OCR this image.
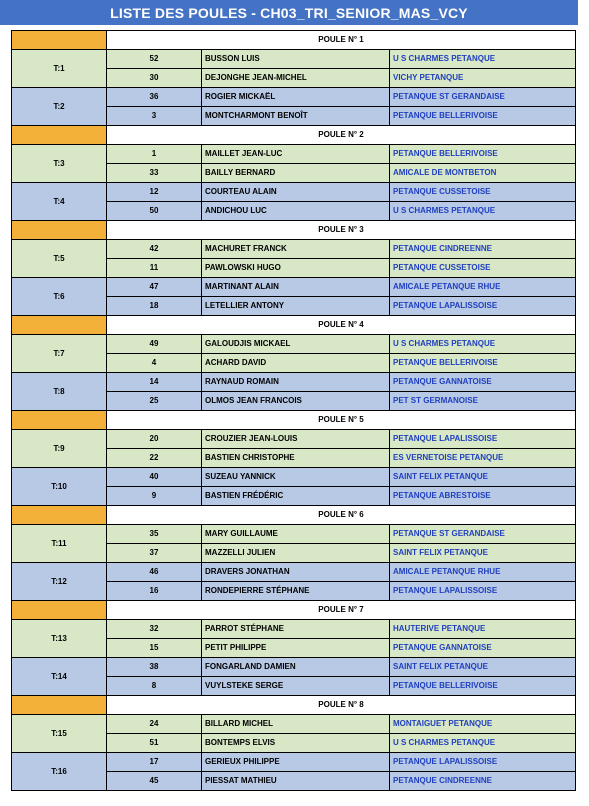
LISTE DES POULES - CH03_TRI_SENIOR_MAS_VCY
	POULE N° 1		
T:1	52	BUSSON LUIS	U S CHARMES PETANQUE
	30	DEJONGHE JEAN-MICHEL	VICHY PETANQUE
T:2	36	ROGIER MICKAËL	PETANQUE ST GERANDAISE
	3	MONTCHARMONT BENOÎT	PETANQUE BELLERIVOISE
	POULE N° 2		
T:3	1	MAILLET JEAN-LUC	PETANQUE BELLERIVOISE
	33	BAILLY BERNARD	AMICALE DE MONTBETON
T:4	12	COURTEAU ALAIN	PETANQUE CUSSETOISE
	50	ANDICHOU LUC	U S CHARMES PETANQUE
	POULE N° 3		
T:5	42	MACHURET FRANCK	PETANQUE CINDREENNE
	11	PAWLOWSKI HUGO	PETANQUE CUSSETOISE
T:6	47	MARTINANT ALAIN	AMICALE PETANQUE RHUE
	18	LETELLIER ANTONY	PETANQUE LAPALISSOISE
	POULE N° 4		
T:7	49	GALOUDJIS MICKAEL	U S CHARMES PETANQUE
	4	ACHARD DAVID	PETANQUE BELLERIVOISE
T:8	14	RAYNAUD ROMAIN	PETANQUE GANNATOISE
	25	OLMOS JEAN FRANCOIS	PET ST GERMANOISE
	POULE N° 5		
T:9	20	CROUZIER JEAN-LOUIS	PETANQUE LAPALISSOISE
	22	BASTIEN CHRISTOPHE	ES VERNETOISE PETANQUE
T:10	40	SUZEAU YANNICK	SAINT FELIX PETANQUE
	9	BASTIEN FRÉDÉRIC	PETANQUE ABRESTOISE
	POULE N° 6		
T:11	35	MARY GUILLAUME	PETANQUE ST GERANDAISE
	37	MAZZELLI JULIEN	SAINT FELIX PETANQUE
T:12	46	DRAVERS JONATHAN	AMICALE PETANQUE RHUE
	16	RONDEPIERRE STÉPHANE	PETANQUE LAPALISSOISE
	POULE N° 7		
T:13	32	PARROT STÉPHANE	HAUTERIVE PETANQUE
	15	PETIT PHILIPPE	PETANQUE GANNATOISE
T:14	38	FONGARLAND DAMIEN	SAINT FELIX PETANQUE
	8	VUYLSTEKE SERGE	PETANQUE BELLERIVOISE
	POULE N° 8		
T:15	24	BILLARD MICHEL	MONTAIGUET PETANQUE
	51	BONTEMPS ELVIS	U S CHARMES PETANQUE
T:16	17	GERIEUX PHILIPPE	PETANQUE LAPALISSOISE
	45	PIESSAT MATHIEU	PETANQUE CINDREENNE
